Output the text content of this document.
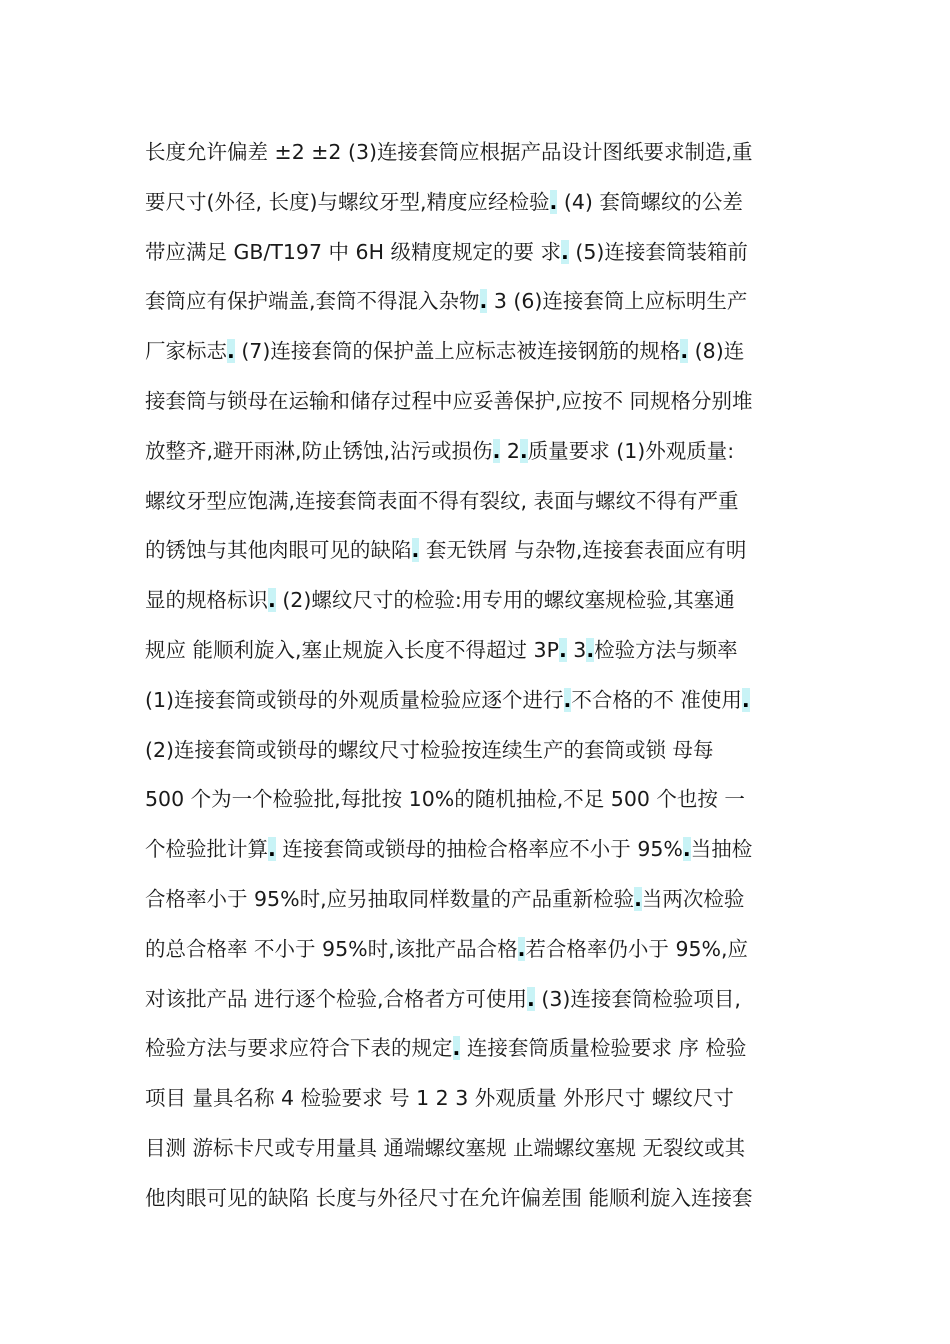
长度允许偏差 ±2 ±2 (3)连接套筒应根据产品设计图纸要求制造,重
要尺寸(外径, 长度)与螺纹牙型,精度应经检验. (4) 套筒螺纹的公差
带应满足 GB/T197 中 6H 级精度规定的要 求. (5)连接套筒装箱前
套筒应有保护端盖,套筒不得混入杂物. 3 (6)连接套筒上应标明生产
厂家标志. (7)连接套筒的保护盖上应标志被连接钢筋的规格. (8)连
接套筒与锁母在运输和储存过程中应妥善保护,应按不 同规格分别堆
放整齐,避开雨淋,防止锈蚀,沾污或损伤. 2.质量要求 (1)外观质量:
螺纹牙型应饱满,连接套筒表面不得有裂纹, 表面与螺纹不得有严重
的锈蚀与其他肉眼可见的缺陷. 套无铁屑 与杂物,连接套表面应有明
显的规格标识. (2)螺纹尺寸的检验:用专用的螺纹塞规检验,其塞通
规应 能顺利旋入,塞止规旋入长度不得超过 3P. 3.检验方法与频率
(1)连接套筒或锁母的外观质量检验应逐个进行.不合格的不 准使用.
(2)连接套筒或锁母的螺纹尺寸检验按连续生产的套筒或锁 母每
500 个为一个检验批,每批按 10%的随机抽检,不足 500 个也按 一
个检验批计算. 连接套筒或锁母的抽检合格率应不小于 95%.当抽检
合格率小于 95%时,应另抽取同样数量的产品重新检验.当两次检验
的总合格率 不小于 95%时,该批产品合格.若合格率仍小于 95%,应
对该批产品 进行逐个检验,合格者方可使用. (3)连接套筒检验项目,
检验方法与要求应符合下表的规定. 连接套筒质量检验要求 序 检验
项目 量具名称 4 检验要求 号 1 2 3 外观质量 外形尺寸 螺纹尺寸
目测 游标卡尺或专用量具 通端螺纹塞规 止端螺纹塞规 无裂纹或其
他肉眼可见的缺陷 长度与外径尺寸在允许偏差围 能顺利旋入连接套
